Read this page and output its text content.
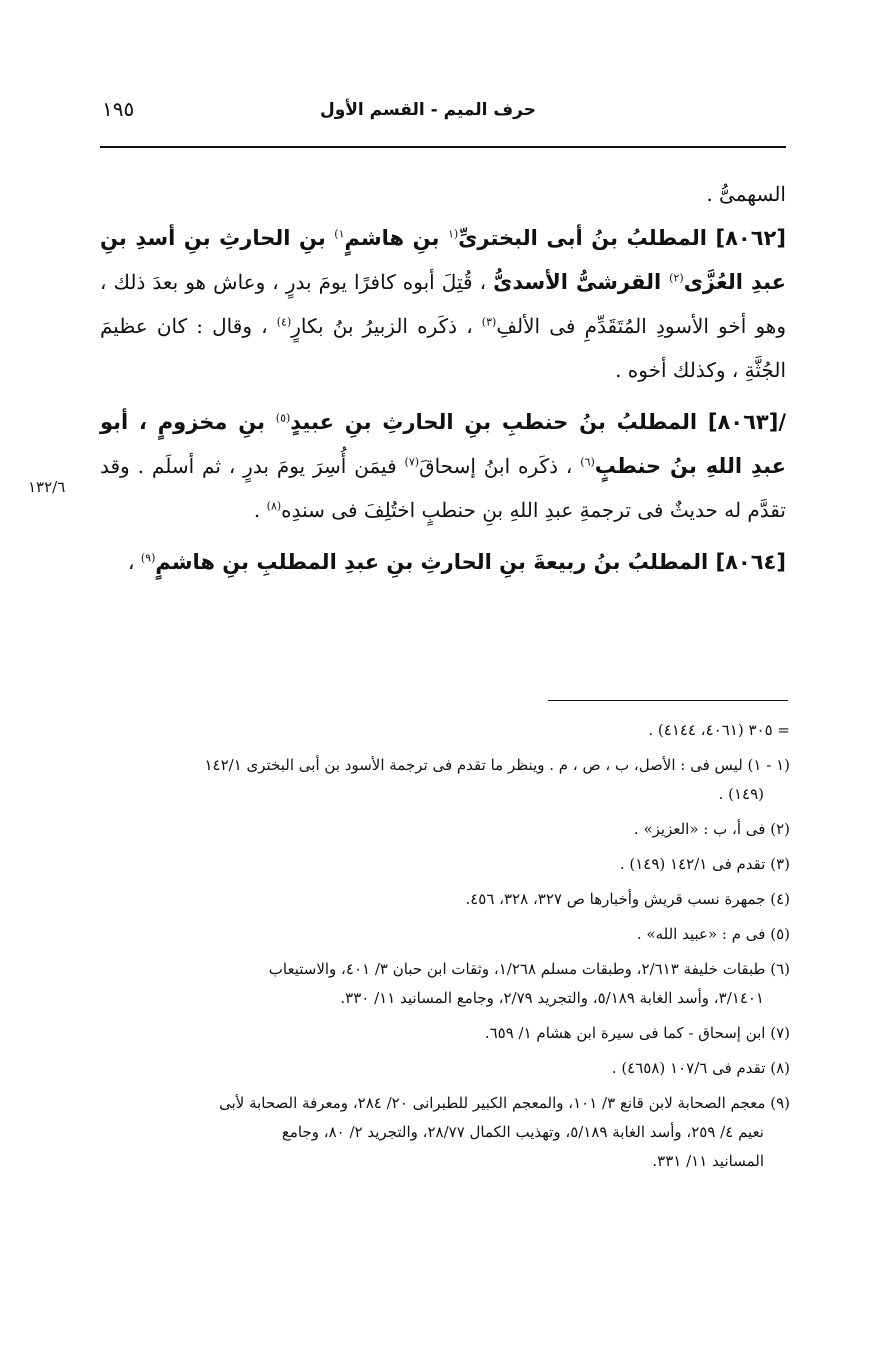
حرف الميم - القسم الأول
١٩٥
١٣٢/٦

السهمىُّ .

[٨٠٦٢] المطلبُ بنُ أبى البخترىِّ$^{(١}$ بنِ هاشمٍ$^{١)}$ بنِ الحارثِ بنِ أسدِ بنِ عبدِ العُزَّى$^{(٢)}$ القرشىُّ الأسدىُّ ، قُتِلَ أبوه كافرًا يومَ بدرٍ ، وعاش هو بعدَ ذلك ، وهو أخو الأسودِ المُتَقَدِّمِ فى الألفِ$^{(٣)}$ ، ذكَره الزبيرُ بنُ بكارٍ$^{(٤)}$ ، وقال : كان عظيمَ الجُثَّةِ ، وكذلك أخوه .

/[٨٠٦٣] المطلبُ بنُ حنطبِ بنِ الحارثِ بنِ عبيدٍ$^{(٥)}$ بنِ مخزومٍ ، أبو عبدِ اللهِ بنُ حنطبٍ$^{(٦)}$ ، ذكَره ابنُ إسحاقَ$^{(٧)}$ فيمَن أُسِرَ يومَ بدرٍ ، ثم أسلَم . وقد تقدَّم له حديثٌ فى ترجمةِ عبدِ اللهِ بنِ حنطبٍ اختُلِفَ فى سندِه$^{(٨)}$ .

[٨٠٦٤] المطلبُ بنُ ربيعةَ بنِ الحارثِ بنِ عبدِ المطلبِ بنِ هاشمٍ$^{(٩)}$ ،

= ٣٠٥ (٤٠٦١، ٤١٤٤) .

(١ - ١) ليس فى : الأصل، ب ، ص ، م . وينظر ما تقدم فى ترجمة الأسود بن أبى البخترى ١٤٢/١
(١٤٩) .

(٢) فى أ، ب : «العزيز» .

(٣) تقدم فى ١٤٢/١ (١٤٩) .

(٤) جمهرة نسب قريش وأخبارها ص ٣٢٧، ٣٢٨، ٤٥٦.

(٥) فى م : «عبيد الله» .

(٦) طبقات خليفة ٢/٦١٣، وطبقات مسلم ١/٢٦٨، وثقات ابن حبان ٣/ ٤٠١، والاستيعاب
٣/١٤٠١، وأسد الغابة ٥/١٨٩، والتجريد ٢/٧٩، وجامع المسانيد ١١/ ٣٣٠.

(٧) ابن إسحاق - كما فى سيرة ابن هشام ١/ ٦٥٩.

(٨) تقدم فى ١٠٧/٦ (٤٦٥٨) .

(٩) معجم الصحابة لابن قانع ٣/ ١٠١، والمعجم الكبير للطبرانى ٢٠/ ٢٨٤، ومعرفة الصحابة لأبى
نعيم ٤/ ٢٥٩، وأسد الغابة ٥/١٨٩، وتهذيب الكمال ٢٨/٧٧، والتجريد ٢/ ٨٠، وجامع
المسانيد ١١/ ٣٣١.
